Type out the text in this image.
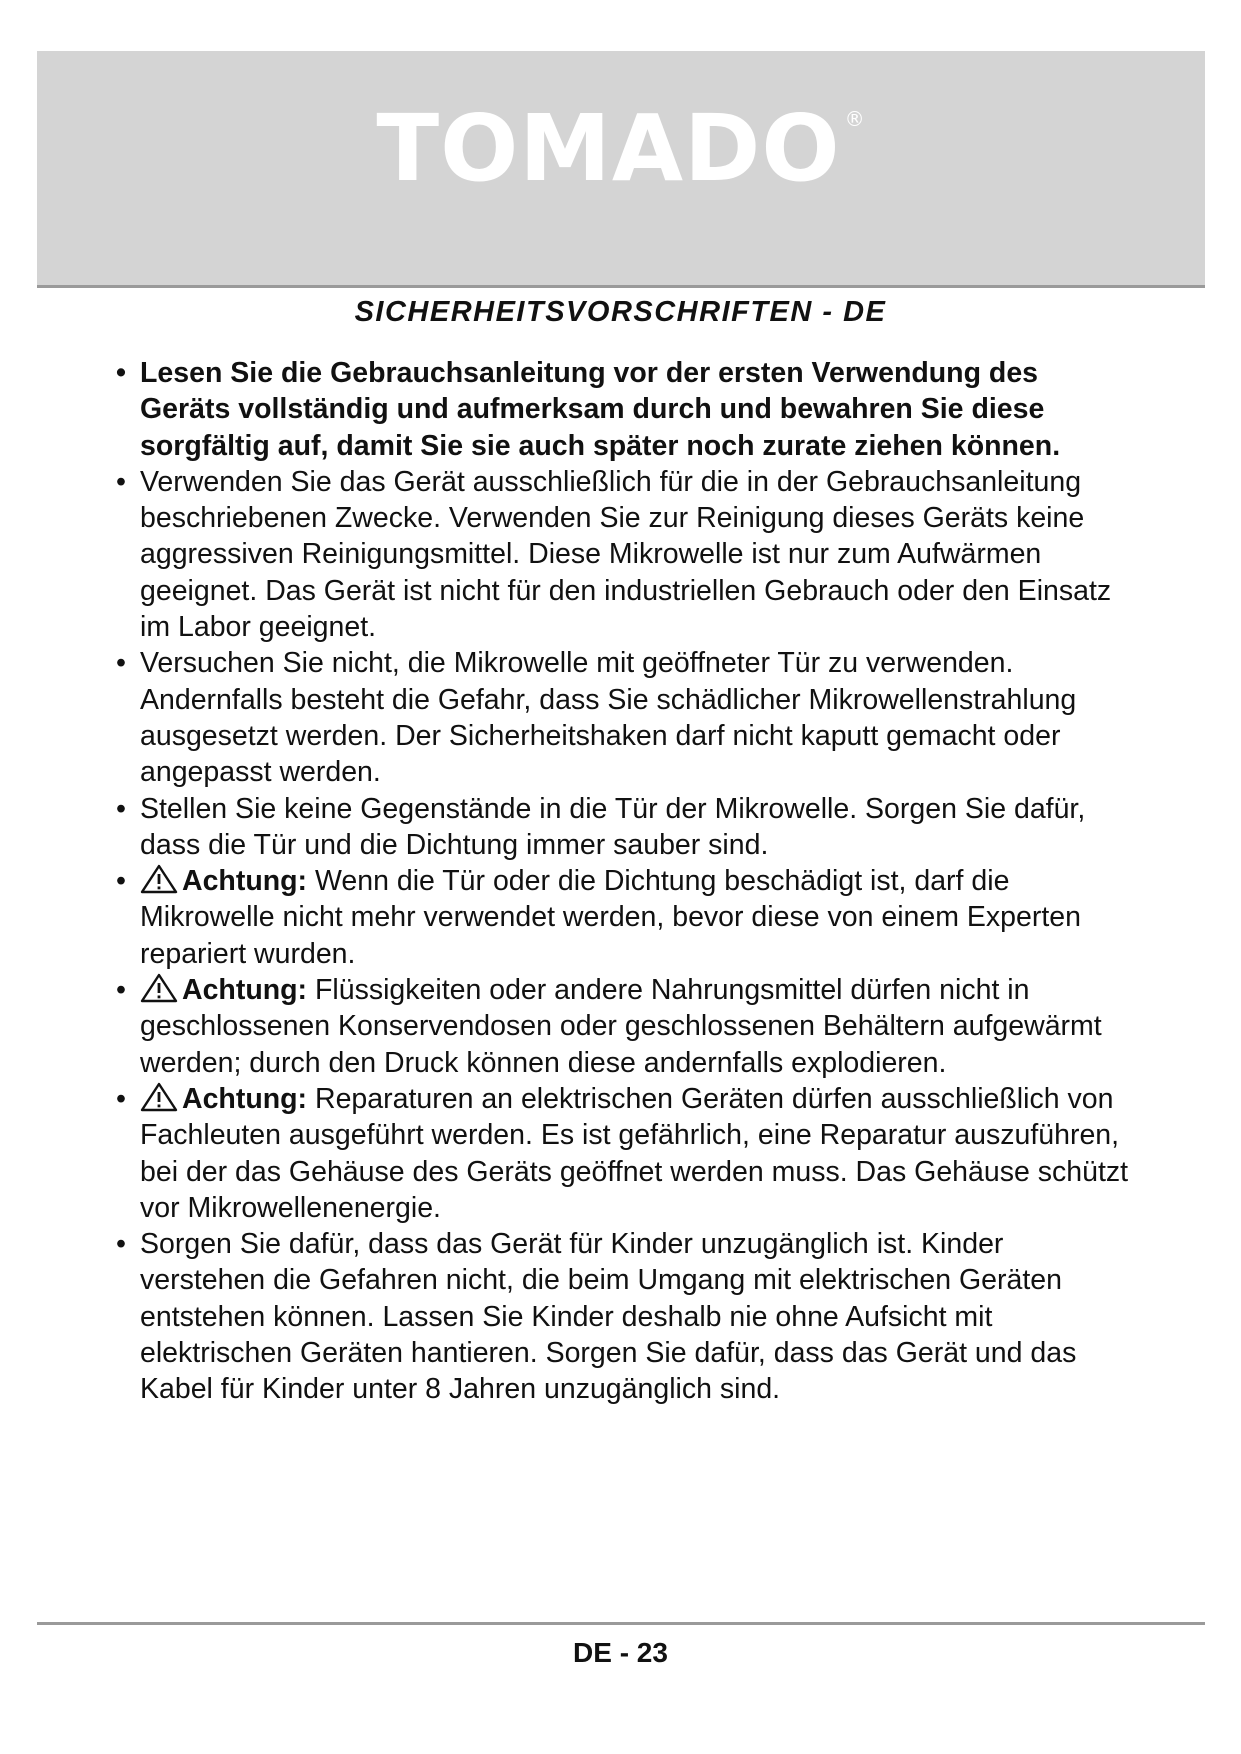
TOMADO ®
SICHERHEITSVORSCHRIFTEN - DE
• Lesen Sie die Gebrauchsanleitung vor der ersten Verwendung des Geräts vollständig und aufmerksam durch und bewahren Sie diese sorgfältig auf, damit Sie sie auch später noch zurate ziehen können.
• Verwenden Sie das Gerät ausschließlich für die in der Gebrauchsanleitung beschriebenen Zwecke. Verwenden Sie zur Reinigung dieses Geräts keine aggressiven Reinigungsmittel. Diese Mikrowelle ist nur zum Aufwärmen geeignet. Das Gerät ist nicht für den industriellen Gebrauch oder den Einsatz im Labor geeignet.
• Versuchen Sie nicht, die Mikrowelle mit geöffneter Tür zu verwenden. Andernfalls besteht die Gefahr, dass Sie schädlicher Mikrowellenstrahlung ausgesetzt werden. Der Sicherheitshaken darf nicht kaputt gemacht oder angepasst werden.
• Stellen Sie keine Gegenstände in die Tür der Mikrowelle. Sorgen Sie dafür, dass die Tür und die Dichtung immer sauber sind.
• Achtung: Wenn die Tür oder die Dichtung beschädigt ist, darf die Mikrowelle nicht mehr verwendet werden, bevor diese von einem Experten repariert wurden.
• Achtung: Flüssigkeiten oder andere Nahrungsmittel dürfen nicht in geschlossenen Konservendosen oder geschlossenen Behältern aufgewärmt werden; durch den Druck können diese andernfalls explodieren.
• Achtung: Reparaturen an elektrischen Geräten dürfen ausschließlich von Fachleuten ausgeführt werden. Es ist gefährlich, eine Reparatur auszuführen, bei der das Gehäuse des Geräts geöffnet werden muss. Das Gehäuse schützt vor Mikrowellenenergie.
• Sorgen Sie dafür, dass das Gerät für Kinder unzugänglich ist. Kinder verstehen die Gefahren nicht, die beim Umgang mit elektrischen Geräten entstehen können. Lassen Sie Kinder deshalb nie ohne Aufsicht mit elektrischen Geräten hantieren. Sorgen Sie dafür, dass das Gerät und das Kabel für Kinder unter 8 Jahren unzugänglich sind.
DE - 23
